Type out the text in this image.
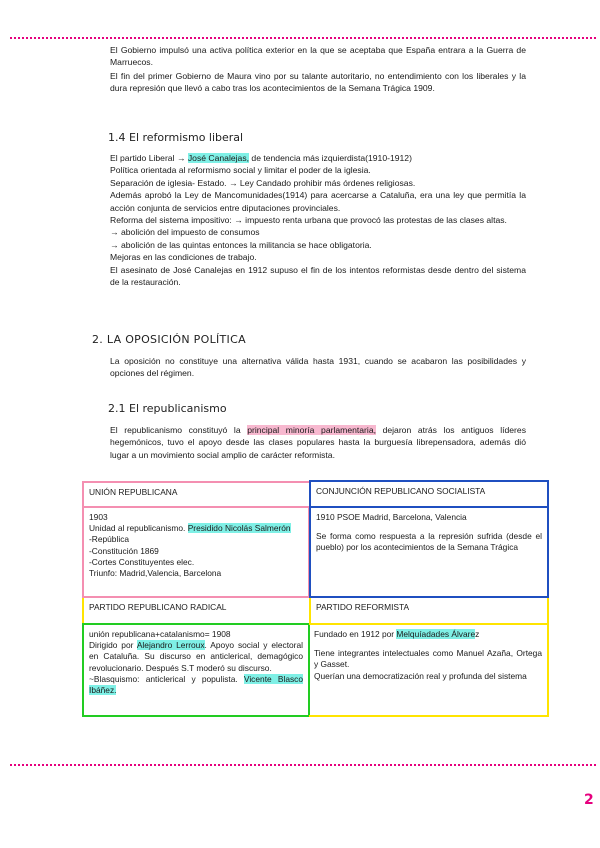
El Gobierno impulsó una activa política exterior en la que se aceptaba que España entrara a la Guerra de Marruecos.

El fin del primer Gobierno de Maura vino por su talante autoritario, no entendimiento con los liberales y la dura represión que llevó a cabo tras los acontecimientos de la Semana Trágica 1909.

1.4 El reformismo liberal
El partido Liberal → José Canalejas, de tendencia más izquierdista(1910-1912)
Política orientada al reformismo social y limitar el poder de la iglesia.
Separación de iglesia- Estado. → Ley Candado prohibir más órdenes religiosas.
Además aprobó la Ley de Mancomunidades(1914) para acercarse a Cataluña, era una ley que permitía la acción conjunta de servicios entre diputaciones provinciales.
Reforma del sistema impositivo: → impuesto renta urbana que provocó las protestas de las clases altas.
→ abolición del impuesto de consumos
→ abolición de las quintas entonces la militancia se hace obligatoria.
Mejoras en las condiciones de trabajo.
El asesinato de José Canalejas en 1912 supuso el fin de los intentos reformistas desde dentro del sistema de la restauración.
2. LA OPOSICIÓN POLÍTICA

La oposición no constituye una alternativa válida hasta 1931, cuando se acabaron las posibilidades y opciones del régimen.

2.1 El republicanismo

El republicanismo constituyó la principal minoría parlamentaria, dejaron atrás los antiguos líderes hegemónicos, tuvo el apoyo desde las clases populares hasta la burguesía librepensadora, además dió lugar a un movimiento social amplio de carácter reformista.

UNIÓN REPUBLICANA	CONJUNCIÓN REPUBLICANO SOCIALISTA

1903

Unidad al republicanismo. Presidido Nicolás Salmerón

-República

-Constitución 1869

-Cortes Constituyentes elec.

Triunfo: Madrid,Valencia, Barcelona

1910 PSOE Madrid, Barcelona, Valencia

Se forma como respuesta a la represión sufrida (desde el pueblo) por los acontecimientos de la Semana Trágica

PARTIDO REPUBLICANO RADICAL	PARTIDO REFORMISTA

unión republicana+catalanismo= 1908

Dirigido por Alejandro Lerroux. Apoyo social y electoral en Cataluña. Su discurso en anticlerical, demagógico revolucionario. Después S.T moderó su discurso.

~Blasquismo: anticlerical y populista. Vicente Blasco Ibáñez.

Fundado en 1912 por Melquíadades Álvarez

Tiene integrantes intelectuales como Manuel Azaña, Ortega y Gasset.

Querían una democratización real y profunda del sistema

2
